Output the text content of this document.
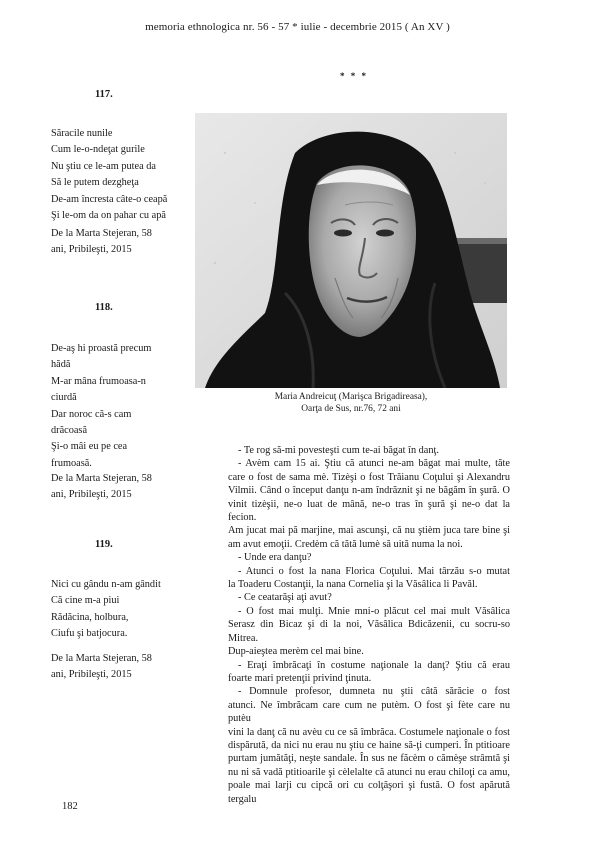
memoria ethnologica nr. 56 - 57 * iulie - decembrie 2015 ( An XV )
* * *
117.
Săracile nunile
Cum le-o-ndeţat gurile
Nu ştiu ce le-am putea da
Să le putem dezgheţa
De-am încresta câte-o ceapă
Şi le-om da on pahar cu apă
De la Marta Stejeran, 58
ani, Pribileşti, 2015
118.
De-aş hi proastă precum
hădă
M-ar mâna frumoasa-n
ciurdă
Dar noroc că-s cam
drăcoasă
Şi-o mâi eu pe cea
frumoasă.
De la Marta Stejeran, 58
ani, Pribileşti, 2015
119.
Nici cu gându n-am gândit
Că cine m-a piui
Rădăcina, holbura,
Ciufu şi batjocura.
De la Marta Stejeran, 58
ani, Pribileşti, 2015
Maria Andreicuţ (Marişca Brigadireasa),
Oarţa de Sus, nr.76, 72 ani

- Te rog să-mi povesteşti cum te-ai băgat în danţ.

- Avèm cam 15 ai. Ştiu că atunci ne-am băgat mai multe, tăte

care o fost de sama mè. Tizèşi o fost Trăianu Coţului şi Alexandru

Vilmii. Când o început danţu n-am îndrăznit şi ne băgăm în şură. O

vinit tizèşii, ne-o luat de mână, ne-o tras în şură şi ne-o dat la fecion.

Am jucat mai pă marjine, mai ascunşi, că nu ştièm juca tare bine şi

am avut emoţii. Credèm că tătă lumè să uită numa la noi.

- Unde era danţu?

- Atunci o fost la nana Florica Coţului. Mai târzău s-o mutat

la Toaderu Costanţii, la nana Cornelia şi la Văsâlica li Pavăl.

- Ce ceatarăşi aţi avut?

- O fost mai mulţi. Mnie mni-o plăcut cel mai mult Văsâlica

Serasz din Bicaz şi di la noi, Văsâlica Bdicăzenii, cu socru-so Mitrea.

Dup-aieştea merèm cel mai bine.

- Eraţi îmbrăcaţi în costume naţionale la danţ? Ştiu că erau

foarte mari pretenţii privind ţinuta.

- Domnule profesor, dumneta nu ştii câtă sărăcie o fost

atunci. Ne îmbrăcam care cum ne putèm. O fost şi fète care nu putèu

vini la danţ că nu avèu cu ce să îmbrăca. Costumele naţionale o fost

dispărută, da nici nu erau nu ştiu ce haine să-ţi cumperi. În ptitioare

purtam jumătăţi, neşte sandale. În sus ne făcèm o cămèşe strâmtă şi

nu ni să vadă ptitioarile şi cèlelalte că atunci nu erau chiloţi ca amu,

poale mai larji cu cipcă ori cu colţăşori şi fustă. O fost apărută tergalu

182
